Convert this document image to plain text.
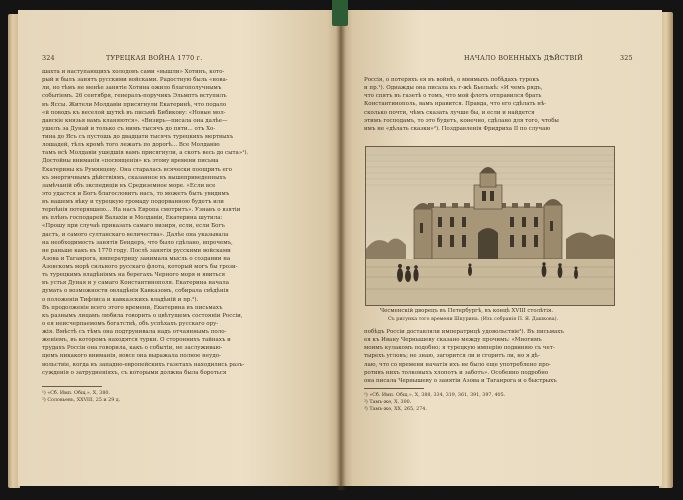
324	ТУРЕЦКАЯ ВОЙНА 1770 г.
шахта и наступающихъ холодовъ сами «вышли» Хотинъ, кото-
рый и былъ занятъ русскими войсками. Радостную быль «нова-
ли, но тѣмъ не менѣе занятіе Хотина ожило благополучнымъ
событіемъ. 26 сентября, генералъ-поручикъ Эльмптъ вступилъ
въ Яссы. Жители Молдавіи присягнули Екатеринѣ, что подало
«й поводъ къ веселой шуткѣ въ письмѣ Бибикову: «Новые мол-
давскіе князья вамъ кланяются». «Визирь—писала она далѣе—
ушелъ за Дунай и только съ нимъ тысячъ до пяти... отъ Хо-
тина до Ясъ съ пустошь до двадцати тысячъ турецкихъ мертвыхъ
лошадей, тѣлъ кромѣ того лежатъ по дорогѣ... Все Молдавію
тамъ всѣ Молдавіи ушедшія вамъ присягнули, а скотъ весь до сыта»¹).
Достойны вниманія «посвященія» къ этому времени письма
Екатерины къ Румянцеву. Она старалась всячески поощрить его
къ энергичнымъ дѣйствіямъ, сказанное въ вышеприведенныхъ
замѣчаній объ экспедиціи въ Средиземное море. «Если все
это удастся и Богъ благословитъ насъ, то можетъ быть увидимъ
въ нашемъ вѣку и турецкую громаду подорванною будетъ или
терпѣнія потерявшею... На насъ Европа смотритъ». Узнавъ о взятіи
въ плѣнъ господарей Валахіи и Молдавіи, Екатерина шутила:
«Прошу при случаѣ приказать самаго визиря, если, если Богъ
дастъ, и самого султанскаго величества». Далѣе она указывала
на необходимость занятія Бендеръ, что было сдѣлано, впрочемъ,
не раньше какъ въ 1770 году. Послѣ занятія русскими войсками
Азова и Таганрога, императрицу занимала мысль о создании на
Азовскомъ морѣ сильного русскаго флота, который могъ бы грози-
ть турецкимъ владѣніямъ на берегахъ Черного моря и явиться
въ устья Дуная и у самаго Константинополя. Екатерина начала
думать о возможности овладѣнія Кавказомъ, собирала свѣдѣнія
о положеніи Тифлиса и кавказскихъ владѣній и пр.²).
Въ продолженіе всего этого времени, Екатерина въ письмахъ
къ разнымъ лицамъ любила говорить о цвѣтущемъ состояніи Россіи,
о ея неисчерпаемомъ богатствѣ, объ успѣхахъ русскаго ору-
жія. Вмѣстѣ съ тѣмъ она подтрунивала надъ отчаяннымъ поло-
женіемъ, въ которомъ находятся турки. О стороннихъ тайнахъ и
трудахъ Россіи она говорила, какъ о событіи, не заслуживаю-
щемъ никакого вниманія, вовсе она выражала полное неудо-
вольствіе, когда въ западно-европейскихъ газетахъ находились разъ-
сужденія о затрудненіяхъ, съ которыми должна была бороться
¹) «Сб. Имп. Общ.», X, 380.
²) Соловьевъ, XXVIII, 25 и 29 д.
НАЧАЛО ВОЕННЫХЪ ДѢЙСТВІЙ	325
Россія, о потеряхъ ея въ войнѣ, о мнимыхъ побѣдахъ турокъ
и пр.¹). Однажды она писала къ г-жѣ Бьелькѣ: «И чемъ рядъ,
что спятъ въ газетѣ о томъ, что мой флотъ отправился брать
Константинополь, вамъ нравится. Правда, что его сдѣлать нѣ-
сколько почти, чѣмъ сказать лучше бы, и если и найдется
этимъ господамъ, то это будетъ, конечно, сдѣлано для того, чтобы
имъ не «дѣлать сказки»²). Поздравленія Фридриха II по случаю
Чесменскій дворецъ въ Петербургѣ, въ концѣ XVIII столѣтія.
Съ рисунка того времени Шкурина. (Изъ собранія П. Я. Дашкова).
побѣдъ Россіи доставляли императрицѣ удовольствіе³). Въ письмахъ
ея къ Ивану Чернышеву сказано между прочимъ: «Многимъ
моимъ кулакомъ подобно; я турецкую имперію подвиняю съ чет-
тырехъ угловъ; не знаю, загорится ли и сгоритъ ли, но я дѣ-
лаю, что со времени начатія ихъ не было еще употреблено про-
ротивъ нихъ толковыхъ хлопотъ и заботъ». Особенно подробно
она писала Чернышеву о занятіи Азова и Таганрога и о быстрыхъ
¹) «Сб. Имп. Общ.», X, 388, 334, 319, 361, 391, 397, 405.
²) Тамъ-же, X, 300.
³) Тамъ-же, XX, 265, 274.
